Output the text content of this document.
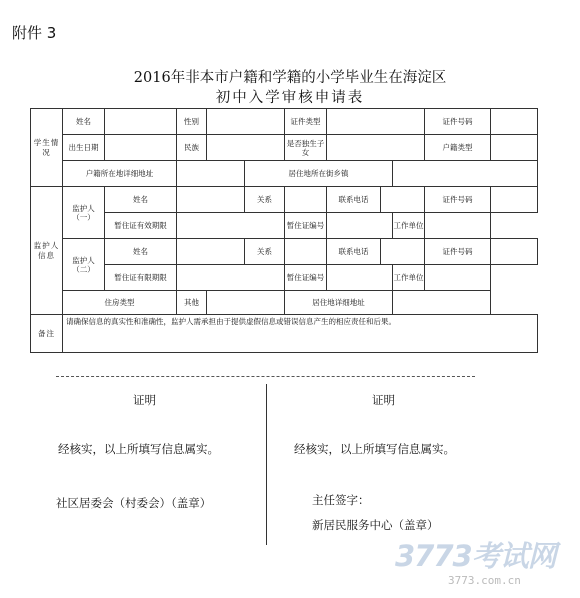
附件 3
2016年非本市户籍和学籍的小学毕业生在海淀区
初中入学审核申请表
学生情况	姓名		性别			证件类型				证件号码	
	出生日期		民族			是否独生子女				户籍类型	
	户籍所在地详细地址				居住地所在街乡镇						
监护人信息	监护人（一）	姓名			关系		联系电话			证件号码	
		暂住证有效期限				暂住证编号			工作单位		
	监护人（二）	姓名			关系		联系电话			证件号码	
		暂住证有限期限				暂住证编号			工作单位		
	住房类型		其他			居住地详细地址					
备注	请确保信息的真实性和准确性，监护人需承担由于提供虚假信息或错误信息产生的相应责任和后果。										
证明
经核实，以上所填写信息属实。
社区居委会（村委会）（盖章）
证明
经核实，以上所填写信息属实。
主任签字：
新居民服务中心（盖章）
3773考试网
3773.com.cn
